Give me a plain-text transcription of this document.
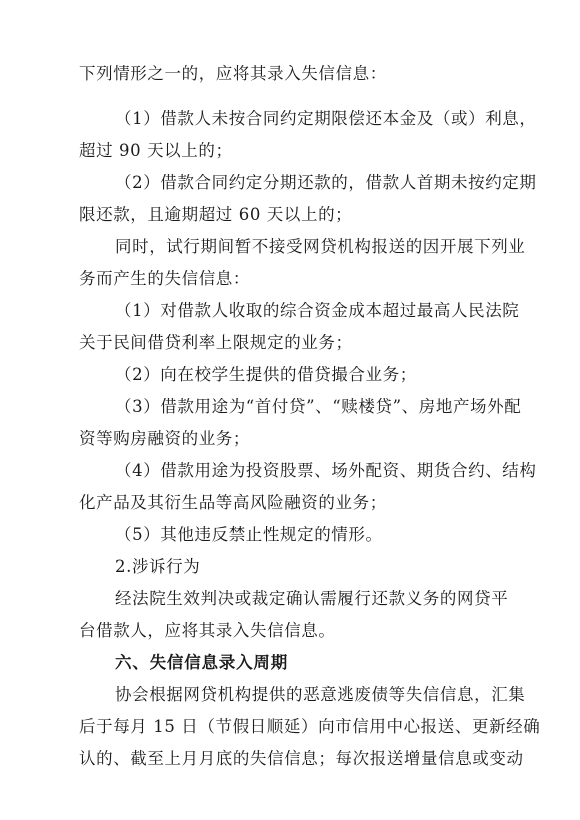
下列情形之一的，应将其录入失信信息：
（1）借款人未按合同约定期限偿还本金及（或）利息，
超过 90 天以上的；
（2）借款合同约定分期还款的，借款人首期未按约定期
限还款，且逾期超过 60 天以上的；
同时，试行期间暂不接受网贷机构报送的因开展下列业
务而产生的失信信息：
（1）对借款人收取的综合资金成本超过最高人民法院
关于民间借贷利率上限规定的业务；
（2）向在校学生提供的借贷撮合业务；
（3）借款用途为“首付贷”、“赎楼贷”、房地产场外配
资等购房融资的业务；
（4）借款用途为投资股票、场外配资、期货合约、结构
化产品及其衍生品等高风险融资的业务；
（5）其他违反禁止性规定的情形。
2.涉诉行为
经法院生效判决或裁定确认需履行还款义务的网贷平
台借款人，应将其录入失信信息。
六、失信信息录入周期
协会根据网贷机构提供的恶意逃废债等失信信息，汇集
后于每月 15 日（节假日顺延）向市信用中心报送、更新经确
认的、截至上月月底的失信信息；每次报送增量信息或变动
